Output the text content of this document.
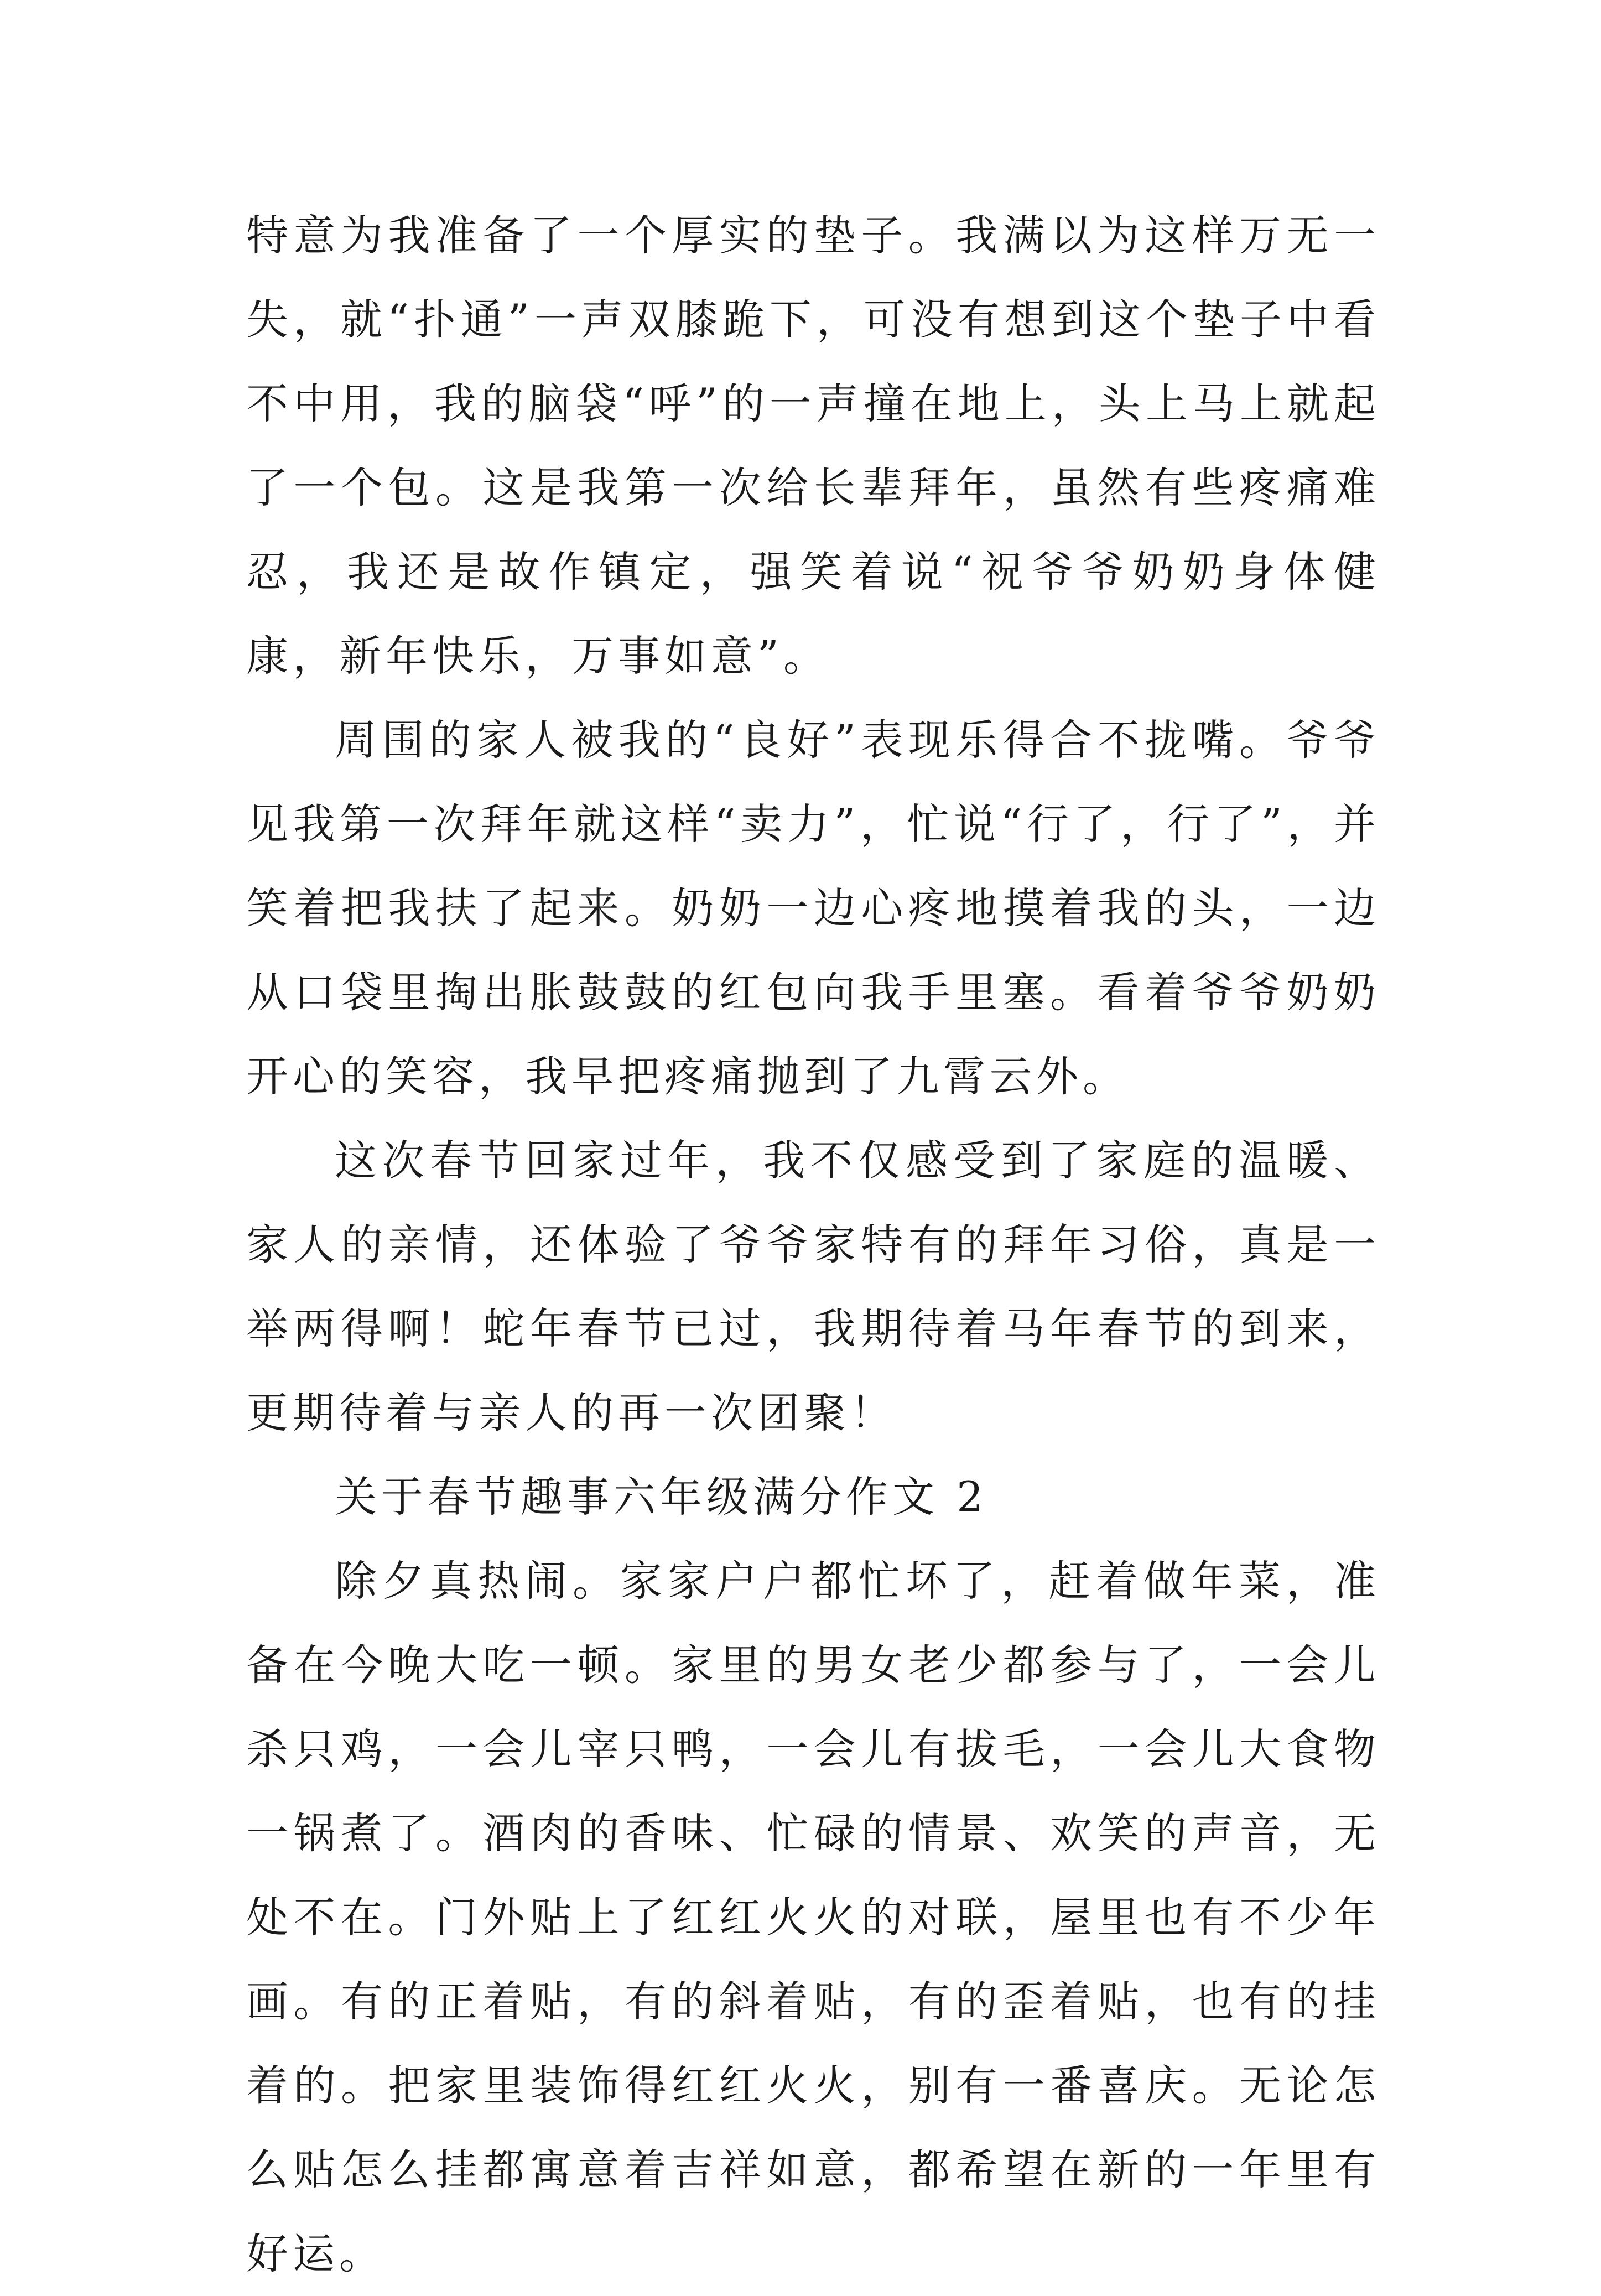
特意为我准备了一个厚实的垫子。我满以为这样万无一失，就“扑通”一声双膝跪下，可没有想到这个垫子中看不中用，我的脑袋“呼”的一声撞在地上，头上马上就起了一个包。这是我第一次给长辈拜年，虽然有些疼痛难忍，我还是故作镇定，强笑着说“祝爷爷奶奶身体健康，新年快乐，万事如意”。

周围的家人被我的“良好”表现乐得合不拢嘴。爷爷见我第一次拜年就这样“卖力”，忙说“行了，行了”，并笑着把我扶了起来。奶奶一边心疼地摸着我的头，一边从口袋里掏出胀鼓鼓的红包向我手里塞。看着爷爷奶奶开心的笑容，我早把疼痛抛到了九霄云外。

这次春节回家过年，我不仅感受到了家庭的温暖、家人的亲情，还体验了爷爷家特有的拜年习俗，真是一举两得啊！蛇年春节已过，我期待着马年春节的到来，更期待着与亲人的再一次团聚！

关于春节趣事六年级满分作文 2

除夕真热闹。家家户户都忙坏了，赶着做年菜，准备在今晚大吃一顿。家里的男女老少都参与了，一会儿杀只鸡，一会儿宰只鸭，一会儿有拔毛，一会儿大食物一锅煮了。酒肉的香味、忙碌的情景、欢笑的声音，无处不在。门外贴上了红红火火的对联，屋里也有不少年画。有的正着贴，有的斜着贴，有的歪着贴，也有的挂着的。把家里装饰得红红火火，别有一番喜庆。无论怎么贴怎么挂都寓意着吉祥如意，都希望在新的一年里有好运。
